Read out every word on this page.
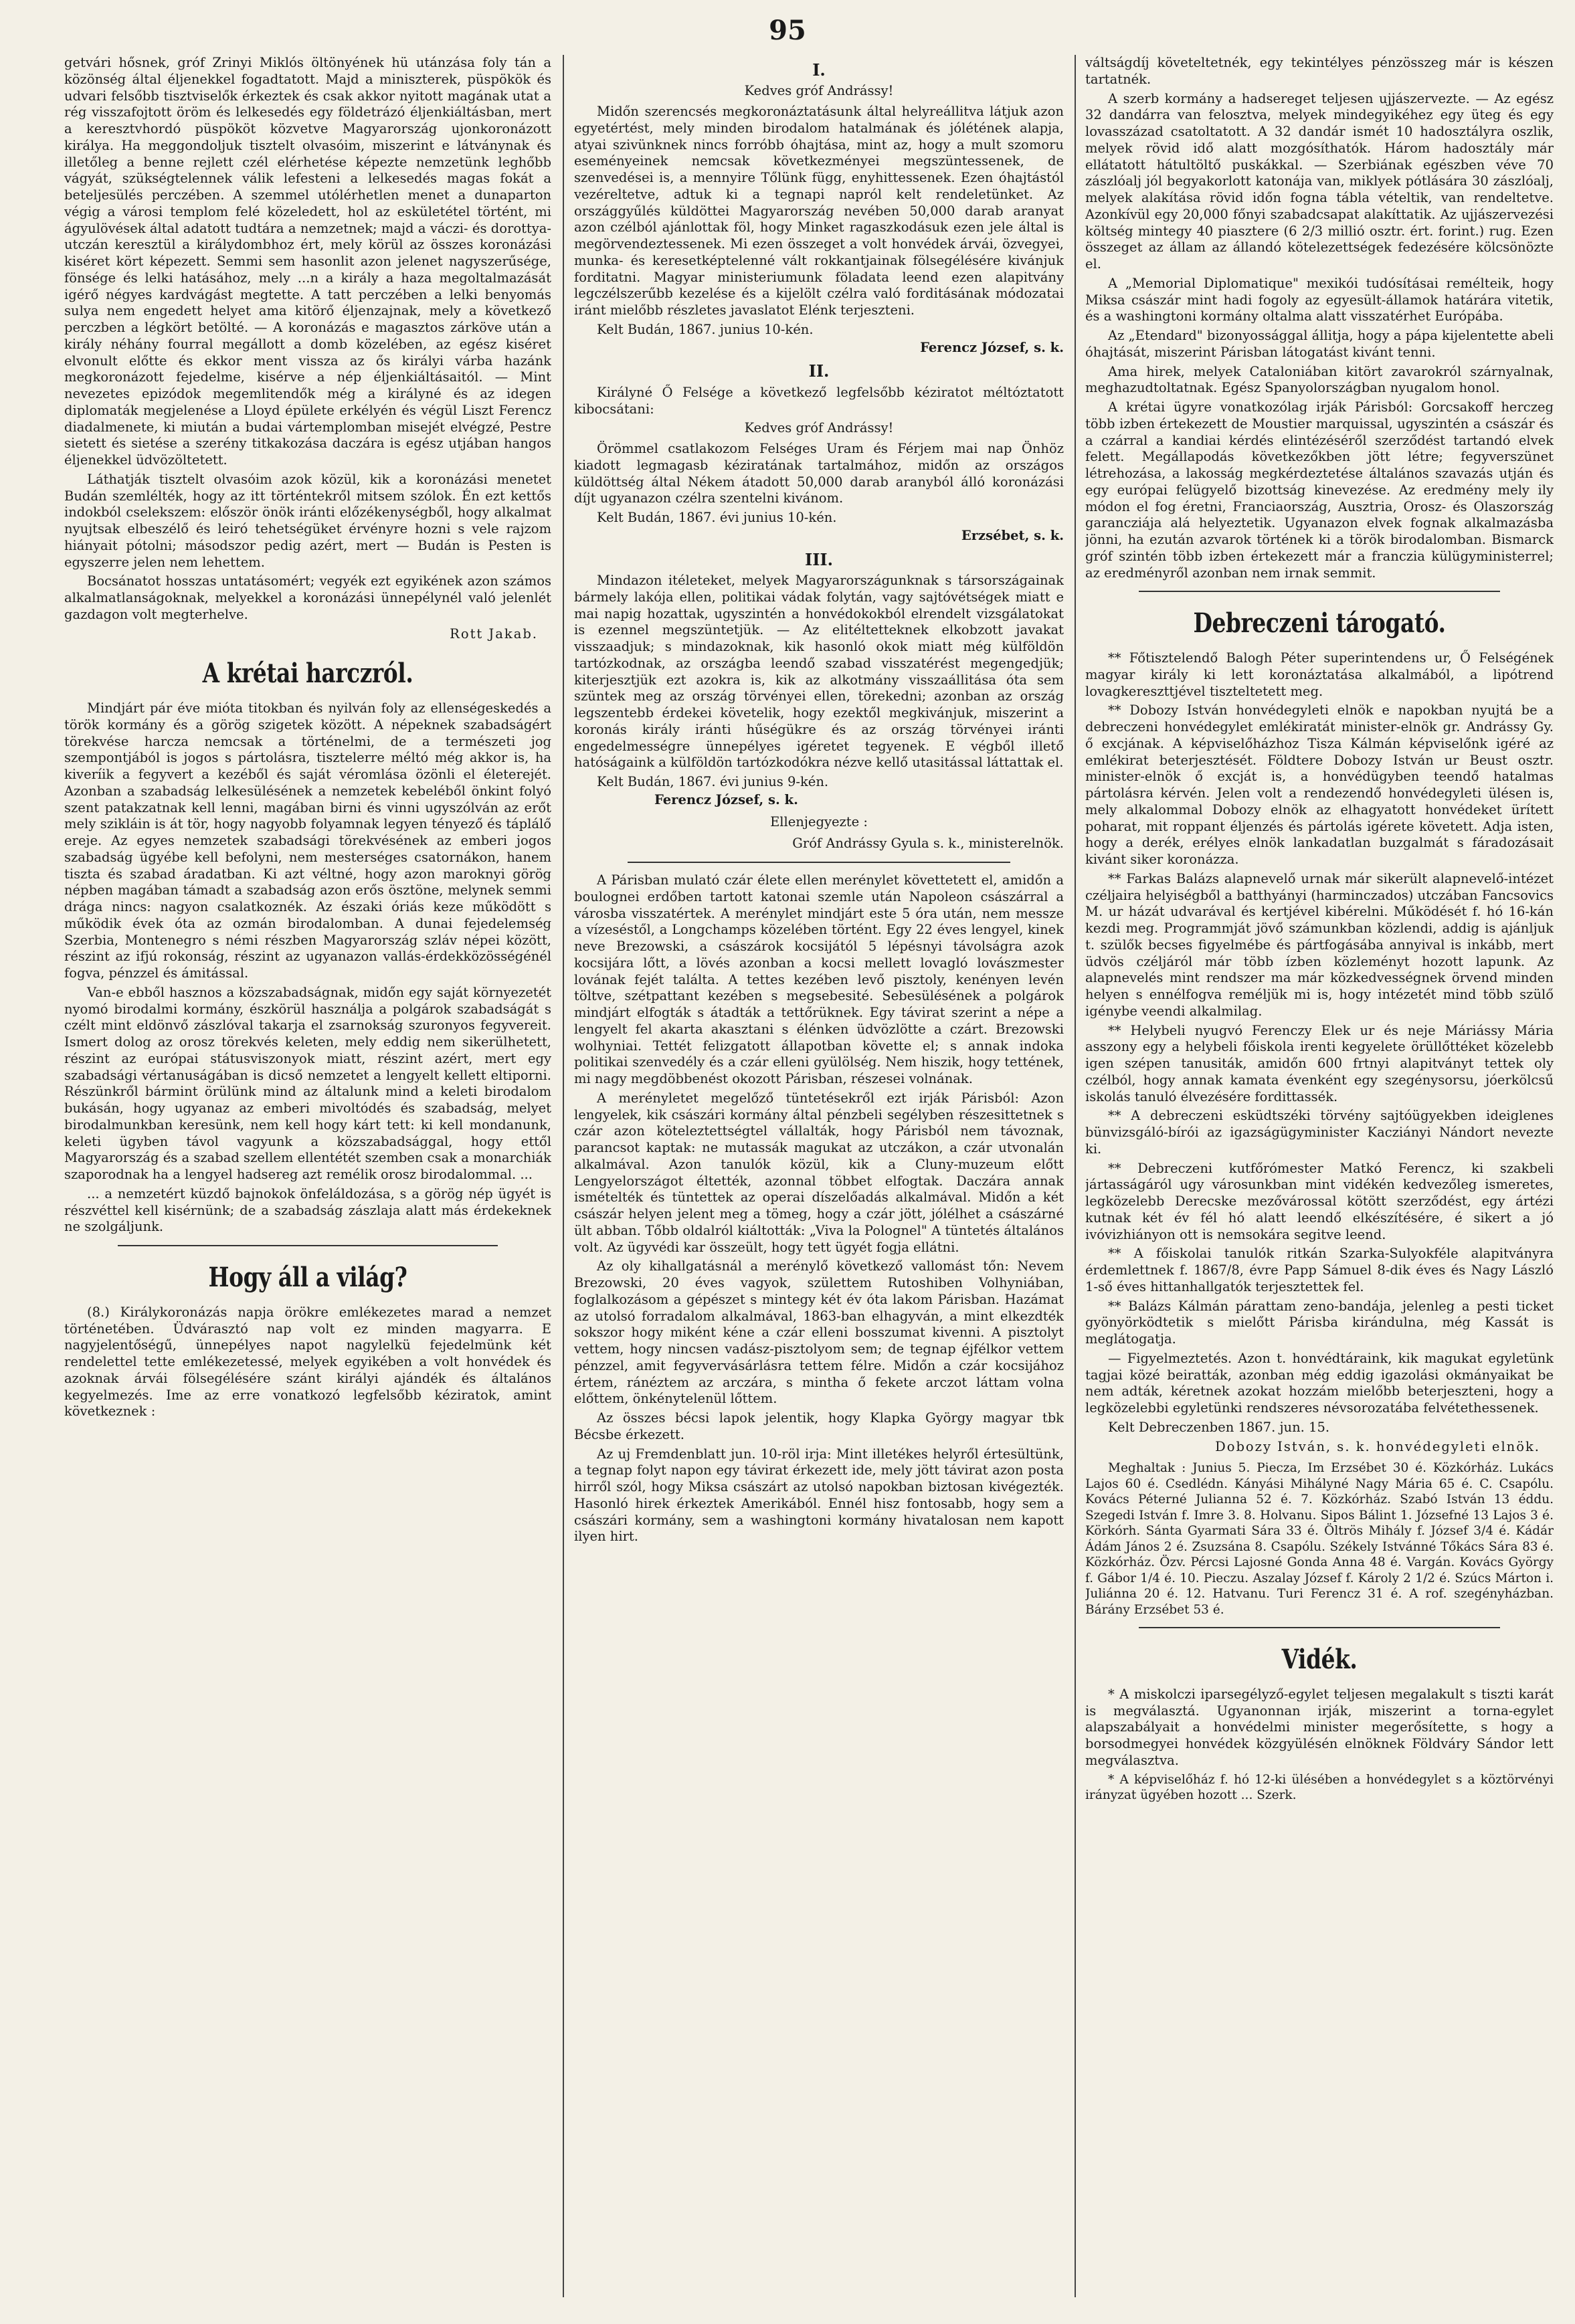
95

getvári hősnek, gróf Zrinyi Miklós öltönyének hü utánzása foly tán a közönség által éljenekkel fogadtatott. Majd a miniszterek, püspökök és udvari felsőbb tisztviselők érkeztek és csak akkor nyitott magának utat a rég visszafojtott öröm és lelkesedés egy földetrázó éljenkiáltásban, mert a keresztvhordó püspököt közvetve Magyarország ujonkoronázott királya. Ha meggondoljuk tisztelt olvasóim, miszerint e látványnak és illetőleg a benne rejlett czél elérhetése képezte nemzetünk leghőbb vágyát, szükségtelennek válik lefesteni a lelkesedés magas fokát a beteljesülés perczében. A szemmel utólérhetlen menet a dunaparton végig a városi templom felé közeledett, hol az eskületétel történt, mi ágyulövések által adatott tudtára a nemzetnek; majd a váczi- és dorottya-utczán keresztül a királydombhoz ért, mely körül az összes koronázási kiséret kört képezett. Semmi sem hasonlit azon jelenet nagyszerűsége, fönsége és lelki hatásához, mely ...n a király a haza megoltalmazását igérő négyes kardvágást megtette. A tatt perczében a lelki benyomás sulya nem engedett helyet ama kitörő éljenzajnak, mely a következő perczben a légkört betölté. — A koronázás e magasztos zárköve után a király néhány fourral megállott a domb közelében, az egész kiséret elvonult előtte és ekkor ment vissza az ős királyi várba hazánk megkoronázott fejedelme, kisérve a nép éljenkiáltásaitól. — Mint nevezetes epizódok megemlitendők még a királyné és az idegen diplomaták megjelenése a Lloyd épülete erkélyén és végül Liszt Ferencz diadalmenete, ki miután a budai vártemplomban misejét elvégzé, Pestre sietett és sietése a szerény titkakozása daczára is egész utjában hangos éljenekkel üdvözöltetett.

Láthatják tisztelt olvasóim azok közül, kik a koronázási menetet Budán szemlélték, hogy az itt történtekről mitsem szólok. Én ezt kettős indokból cselekszem: először önök iránti előzékenységből, hogy alkalmat nyujtsak elbeszélő és leiró tehetségüket érvényre hozni s vele rajzom hiányait pótolni; másodszor pedig azért, mert — Budán is Pesten is egyszerre jelen nem lehettem.

Bocsánatot hosszas untatásomért; vegyék ezt egyikének azon számos alkalmatlanságoknak, melyekkel a koronázási ünnepélynél való jelenlét gazdagon volt megterhelve.

Rott Jakab.
A krétai harczról.

Mindjárt pár éve mióta titokban és nyilván foly az ellenségeskedés a török kormány és a görög szigetek között. A népeknek szabadságért törekvése harcza nemcsak a történelmi, de a természeti jog szempontjából is jogos s pártolásra, tisztelerre méltó még akkor is, ha kiveríik a fegyvert a kezéből és saját véromlása özönli el életerejét. Azonban a szabadság lelkesülésének a nemzetek kebeléből önkint folyó szent patakzatnak kell lenni, magában birni és vinni ugyszólván az erőt mely szikláin is át tör, hogy nagyobb folyamnak legyen tényező és táplálő ereje. Az egyes nemzetek szabadsági törekvésének az emberi jogos szabadság ügyébe kell befolyni, nem mesterséges csatornákon, hanem tiszta és szabad áradatban. Ki azt véltné, hogy azon maroknyi görög népben magában támadt a szabadság azon erős ösztöne, melynek semmi drága nincs: nagyon csalatkoznék. Az északi óriás keze működött s működik évek óta az ozmán birodalomban. A dunai fejedelemség Szerbia, Montenegro s némi részben Magyarország szláv népei között, részint az ifjú rokonság, részint az ugyanazon vallás-érdekközösségénél fogva, pénzzel és ámitással.

Van-e ebből hasznos a közszabadságnak, midőn egy saját környezetét nyomó birodalmi kormány, észkörül használja a polgárok szabadságát s czélt mint eldönvő zászlóval takarja el zsarnokság szuronyos fegyvereit. Ismert dolog az orosz törekvés keleten, mely eddig nem sikerülhetett, részint az európai státusviszonyok miatt, részint azért, mert egy szabadsági vértanuságában is dicső nemzetet a lengyelt kellett eltiporni. Részünkről bármint örülünk mind az általunk mind a keleti birodalom bukásán, hogy ugyanaz az emberi mivoltódés és szabadság, melyet birodalmunkban keresünk, nem kell hogy kárt tett: ki kell mondanunk, keleti ügyben távol vagyunk a közszabadsággal, hogy ettől Magyarország és a szabad szellem ellentétét szemben csak a monarchiák szaporodnak ha a lengyel hadsereg azt remélik orosz birodalommal. ...

... a nemzetért küzdő bajnokok önfeláldozása, s a görög nép ügyét is részvéttel kell kisérnünk; de a szabadság zászlaja alatt más érdekeknek ne szolgáljunk.

Hogy áll a világ?

(8.) Királykoronázás napja örökre emlékezetes marad a nemzet történetében. Üdvárasztó nap volt ez minden magyarra. E nagyjelentőségű, ünnepélyes napot nagylelkü fejedelmünk két rendelettel tette emlékezetessé, melyek egyikében a volt honvédek és azoknak árvái fölsegélésére szánt királyi ajándék és általános kegyelmezés. Ime az erre vonatkozó legfelsőbb kéziratok, amint következnek :

I.
Kedves gróf Andrássy!

Midőn szerencsés megkoronáztatásunk által helyreállitva látjuk azon egyetértést, mely minden birodalom hatalmának és jólétének alapja, atyai szivünknek nincs forróbb óhajtása, mint az, hogy a mult szomoru eseményeinek nemcsak következményei megszüntessenek, de szenvedései is, a mennyire Tőlünk függ, enyhittessenek. Ezen óhajtástól vezéreltetve, adtuk ki a tegnapi napról kelt rendeletünket. Az országgyűlés küldöttei Magyarország nevében 50,000 darab aranyat azon czélból ajánlottak föl, hogy Minket ragaszkodásuk ezen jele által is megörvendeztessenek. Mi ezen összeget a volt honvédek árvái, özvegyei, munka- és keresetképtelenné vált rokkantjainak fölsegélésére kivánjuk forditatni. Magyar ministeriumunk föladata leend ezen alapitvány legczélszerűbb kezelése és a kijelölt czélra való forditásának módozatai iránt mielőbb részletes javaslatot Elénk terjeszteni.

Kelt Budán, 1867. junius 10-kén.
Ferencz József, s. k.
II.

Királyné Ő Felsége a következő legfelsőbb kéziratot méltóztatott kibocsátani:

Kedves gróf Andrássy!

Örömmel csatlakozom Felséges Uram és Férjem mai nap Önhöz kiadott legmagasb kéziratának tartalmához, midőn az országos küldöttség által Nékem átadott 50,000 darab aranyból álló koronázási díjt ugyanazon czélra szentelni kivánom.

Kelt Budán, 1867. évi junius 10-kén.
Erzsébet, s. k.
III.

Mindazon itéleteket, melyek Magyarországunknak s társországainak bármely lakója ellen, politikai vádak folytán, vagy sajtóvétségek miatt e mai napig hozattak, ugyszintén a honvédokokból elrendelt vizsgálatokat is ezennel megszüntetjük. — Az elitéltetteknek elkobzott javakat visszaadjuk; s mindazoknak, kik hasonló okok miatt még külföldön tartózkodnak, az országba leendő szabad visszatérést megengedjük; kiterjesztjük ezt azokra is, kik az alkotmány visszaállitása óta sem szüntek meg az ország törvényei ellen, törekedni; azonban az ország legszentebb érdekei követelik, hogy ezektől megkivánjuk, miszerint a koronás király iránti hűségükre és az ország törvényei iránti engedelmességre ünnepélyes igéretet tegyenek. E végből illető hatóságaink a külföldön tartózkodókra nézve kellő utasitással láttattak el.

Kelt Budán, 1867. évi junius 9-kén.
Ferencz József, s. k.
Ellenjegyezte :
Gróf Andrássy Gyula s. k., ministerelnök.

A Párisban mulató czár élete ellen merénylet követtetett el, amidőn a boulognei erdőben tartott katonai szemle után Napoleon császárral a városba visszatértek. A merénylet mindjárt este 5 óra után, nem messze a vízeséstől, a Longchamps közelében történt. Egy 22 éves lengyel, kinek neve Brezowski, a császárok kocsijától 5 lépésnyi távolságra azok kocsijára lőtt, a lövés azonban a kocsi mellett lovagló lovászmester lovának fejét találta. A tettes kezében levő pisztoly, kenényen levén töltve, szétpattant kezében s megsebesité. Sebesülésének a polgárok mindjárt elfogták s átadták a tettőrüknek. Egy távirat szerint a népe a lengyelt fel akarta akasztani s élénken üdvözlötte a czárt. Brezowski wolhyniai. Tettét felizgatott állapotban követte el; s annak indoka politikai szenvedély és a czár elleni gyülölség. Nem hiszik, hogy tettének, mi nagy megdöbbenést okozott Párisban, részesei volnának.

A merényletet megelőző tüntetésekről ezt irják Párisból: Azon lengyelek, kik császári kormány által pénzbeli segélyben részesittetnek s czár azon köteleztettségtel vállalták, hogy Párisból nem távoznak, parancsot kaptak: ne mutassák magukat az utczákon, a czár utvonalán alkalmával. Azon tanulók közül, kik a Cluny-muzeum előtt Lengyelországot éltették, azonnal többet elfogtak. Daczára annak ismételték és tüntettek az operai díszelőadás alkalmával. Midőn a két császár helyen jelent meg a tömeg, hogy a czár jött, jólélhet a császárné ült abban. Tőbb oldalról kiáltották: „Viva la Polognel" A tüntetés általános volt. Az ügyvédi kar összeült, hogy tett ügyét fogja ellátni.

Az oly kihallgatásnál a merénylő következő vallomást tőn: Nevem Brezowski, 20 éves vagyok, születtem Rutoshiben Volhyniában, foglalkozásom a gépészet s mintegy két év óta lakom Párisban. Hazámat az utolsó forradalom alkalmával, 1863-ban elhagyván, a mint elkezdték sokszor hogy miként kéne a czár elleni bosszumat kivenni. A pisztolyt vettem, hogy nincsen vadász-pisztolyom sem; de tegnap éjfélkor vettem pénzzel, amit fegyvervásárlásra tettem félre. Midőn a czár kocsijához értem, ránéztem az arczára, s mintha ő fekete arczot láttam volna előttem, önkénytelenül lőttem.

Az összes bécsi lapok jelentik, hogy Klapka György magyar tbk Bécsbe érkezett.

Az uj Fremdenblatt jun. 10-röl irja: Mint illetékes helyről értesültünk, a tegnap folyt napon egy távirat érkezett ide, mely jött távirat azon posta hirről szól, hogy Miksa császárt az utolsó napokban biztosan kivégezték. Hasonló hirek érkeztek Amerikából. Ennél hisz fontosabb, hogy sem a császári kormány, sem a washingtoni kormány hivatalosan nem kapott ilyen hirt.

váltságdíj követeltetnék, egy tekintélyes pénzösszeg már is készen tartatnék.

A szerb kormány a hadsereget teljesen ujjászervezte. — Az egész 32 dandárra van felosztva, melyek mindegyikéhez egy üteg és egy lovasszázad csatoltatott. A 32 dandár ismét 10 hadosztályra oszlik, melyek rövid idő alatt mozgósíthatók. Három hadosztály már ellátatott hátultöltő puskákkal. — Szerbiának egészben véve 70 zászlóalj jól begyakorlott katonája van, miklyek pótlására 30 zászlóalj, melyek alakítása rövid időn fogna tábla vételtik, van rendeltetve. Azonkívül egy 20,000 főnyi szabadcsapat alakíttatik. Az ujjászervezési költség mintegy 40 piasztere (6 2/3 millió osztr. ért. forint.) rug. Ezen összeget az állam az állandó kötelezettségek fedezésére kölcsönözte el.

A „Memorial Diplomatique" mexikói tudósításai remélteik, hogy Miksa császár mint hadi fogoly az egyesült-államok határára vitetik, és a washingtoni kormány oltalma alatt visszatérhet Európába.

Az „Etendard" bizonyossággal állitja, hogy a pápa kijelentette abeli óhajtását, miszerint Párisban látogatást kivánt tenni.

Ama hirek, melyek Cataloniában kitört zavarokról szárnyalnak, meghazudtoltatnak. Egész Spanyolországban nyugalom honol.

A krétai ügyre vonatkozólag irják Párisból: Gorcsakoff herczeg több izben értekezett de Moustier marquissal, ugyszintén a császár és a czárral a kandiai kérdés elintézéséről szerződést tartandó elvek felett. Megállapodás következőkben jött létre; fegyverszünet létrehozása, a lakosság megkérdeztetése általános szavazás utján és egy európai felügyelő bizottság kinevezése. Az eredmény mely ily módon el fog éretni, Franciaország, Ausztria, Orosz- és Olaszország garancziája alá helyeztetik. Ugyanazon elvek fognak alkalmazásba jönni, ha ezután azvarok történek ki a török birodalomban. Bismarck gróf szintén több izben értekezett már a franczia külügyministerrel; az eredményről azonban nem irnak semmit.

Debreczeni tárogató.

** Főtisztelendő Balogh Péter superintendens ur, Ő Felségének magyar király ki lett koronáztatása alkalmából, a lipótrend lovagkereszttjével tiszteltetett meg.

** Dobozy István honvédegyleti elnök e napokban nyujtá be a debreczeni honvédegylet emlékiratát minister-elnök gr. Andrássy Gy. ő excjának. A képviselőházhoz Tisza Kálmán képviselőnk igéré az emlékirat beterjesztését. Földtere Dobozy István ur Beust osztr. minister-elnök ő excját is, a honvédügyben teendő hatalmas pártolásra kérvén. Jelen volt a rendezendő honvédegyleti ülésen is, mely alkalommal Dobozy elnök az elhagyatott honvédeket ürített poharat, mit roppant éljenzés és pártolás igérete követett. Adja isten, hogy a derék, erélyes elnök lankadatlan buzgalmát s fáradozásait kivánt siker koronázza.

** Farkas Balázs alapnevelő urnak már sikerült alapnevelő-intézet czéljaira helyiségből a batthyányi (harminczados) utczában Fancsovics M. ur házát udvarával és kertjével kibérelni. Működését f. hó 16-kán kezdi meg. Programmját jövő számunkban közlendi, addig is ajánljuk t. szülők becses figyelmébe és pártfogásába annyival is inkább, mert üdvös czéljáról már több ízben közleményt hozott lapunk. Az alapnevelés mint rendszer ma már közkedvességnek örvend minden helyen s ennélfogva reméljük mi is, hogy intézetét mind több szülő igénybe veendi alkalmilag.

** Helybeli nyugvó Ferenczy Elek ur és neje Máriássy Mária asszony egy a helybeli főiskola irenti kegyelete örüllőttéket közelebb igen szépen tanusiták, amidőn 600 frtnyi alapitványt tettek oly czélból, hogy annak kamata évenként egy szegénysorsu, jóerkölcsű iskolás tanuló élvezésére fordittassék.

** A debreczeni esküdtszéki törvény sajtóügyekben ideiglenes bünvizsgáló-bírói az igazságügyminister Kacziányi Nándort nevezte ki.

** Debreczeni kutfőrómester Matkó Ferencz, ki szakbeli jártasságáról ugy városunkban mint vidékén kedvezőleg ismeretes, legközelebb Derecske mezővárossal kötött szerződést, egy ártézi kutnak két év fél hó alatt leendő elkészítésére, é sikert a jó ivóvizhiányon ott is nemsokára segitve leend.

** A főiskolai tanulók ritkán Szarka-Sulyokféle alapitványra érdemlettnek f. 1867/8, évre Papp Sámuel 8-dik éves és Nagy László 1-ső éves hittanhallgatók terjesztettek fel.

** Balázs Kálmán párattam zeno-bandája, jelenleg a pesti ticket gyönyörködtetik s mielőtt Párisba kirándulna, még Kassát is meglátogatja.

— Figyelmeztetés. Azon t. honvédtáraink, kik magukat egyletünk tagjai közé beiratták, azonban még eddig igazolási okmányaikat be nem adták, kéretnek azokat hozzám mielőbb beterjeszteni, hogy a legközelebbi egyletünki rendszeres névsorozatába felvétethessenek.

Kelt Debreczenben 1867. jun. 15.
Dobozy István, s. k. honvédegyleti elnök.

Meghaltak : Junius 5. Piecza, Im Erzsébet 30 é. Közkórház. Lukács Lajos 60 é. Csedlédn. Kányási Mihályné Nagy Mária 65 é. C. Csapólu. Kovács Péterné Julianna 52 é. 7. Közkórház. Szabó István 13 éddu. Szegedi István f. Imre 3. 8. Holvanu. Sipos Bálint 1. Józsefné 13 Lajos 3 é. Körkórh. Sánta Gyarmati Sára 33 é. Öltrös Mihály f. József 3/4 é. Kádár Ádám János 2 é. Zsuzsána 8. Csapólu. Székely Istvánné Tőkács Sára 83 é. Közkórház. Özv. Pércsi Lajosné Gonda Anna 48 é. Vargán. Kovács György f. Gábor 1/4 é. 10. Pieczu. Aszalay József f. Károly 2 1/2 é. Szúcs Márton i. Juliánna 20 é. 12. Hatvanu. Turi Ferencz 31 é. A rof. szegényházban. Bárány Erzsébet 53 é.

Vidék.

* A miskolczi iparsegélyző-egylet teljesen megalakult s tiszti karát is megválasztá. Ugyanonnan irják, miszerint a torna-egylet alapszabályait a honvédelmi minister megerősítette, s hogy a borsodmegyei honvédek közgyülésén elnöknek Földváry Sándor lett megválasztva.

* A képviselőház f. hó 12-ki ülésében a honvédegylet s a köztörvényi irányzat ügyében hozott ... Szerk.
